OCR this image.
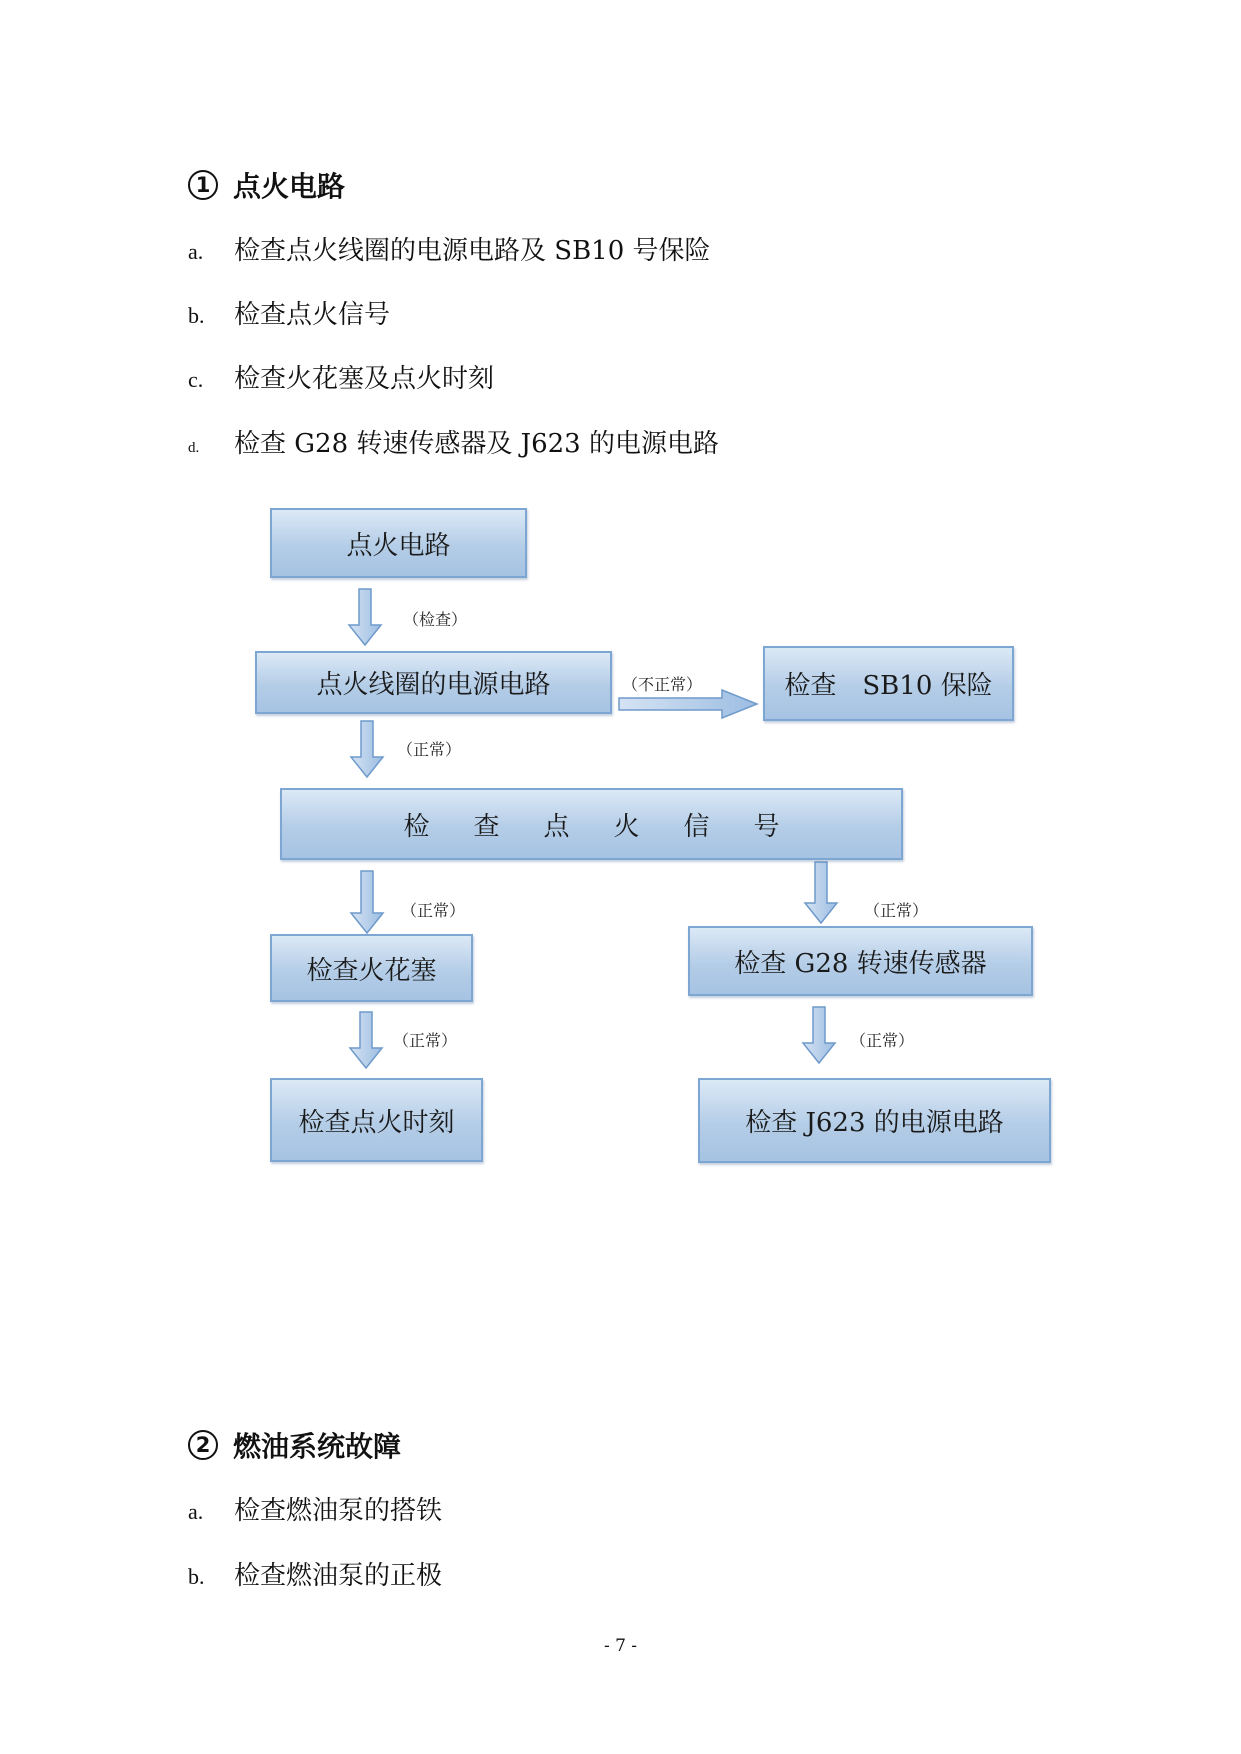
1 点火电路
a. 检查点火线圈的电源电路及 SB10 号保险
b. 检查点火信号
c. 检查火花塞及点火时刻
d. 检查 G28 转速传感器及 J623 的电源电路
点火电路
点火线圈的电源电路	检查　SB10 保险
检查点火信号
检查火花塞	检查 G28 转速传感器
检查点火时刻	检查 J623 的电源电路
（检查）
（不正常）
（正常）
（正常）	（正常）
（正常）	（正常）
2 燃油系统故障
a. 检查燃油泵的搭铁
b. 检查燃油泵的正极
- 7 -
